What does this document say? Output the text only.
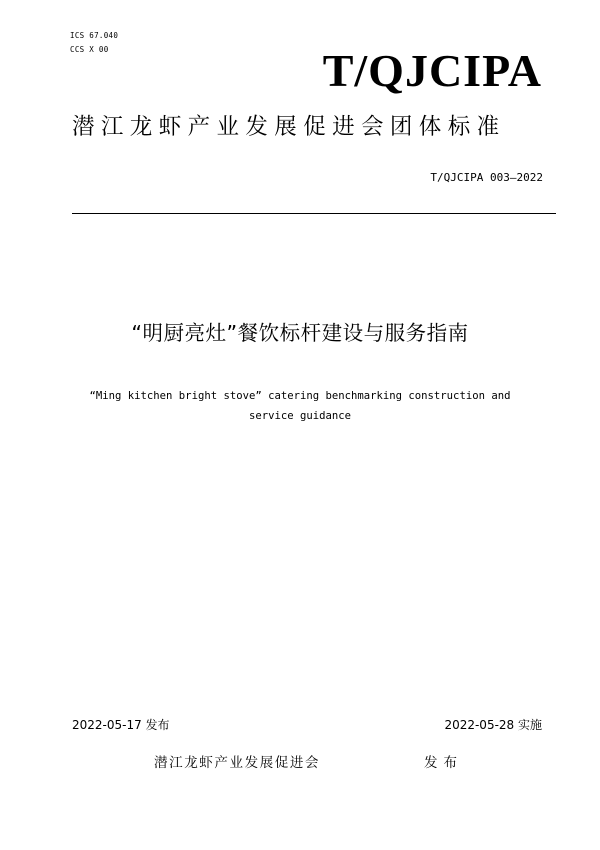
ICS 67.040
CCS X 00	T/QJCIPA
潜江龙虾产业发展促进会团体标准
T/QJCIPA 003—2022
“明厨亮灶”餐饮标杆建设与服务指南
“Ming kitchen bright stove” catering benchmarking construction and
service guidance
2022-05-17 发布	2022-05-28 实施
潜江龙虾产业发展促进会	发布
